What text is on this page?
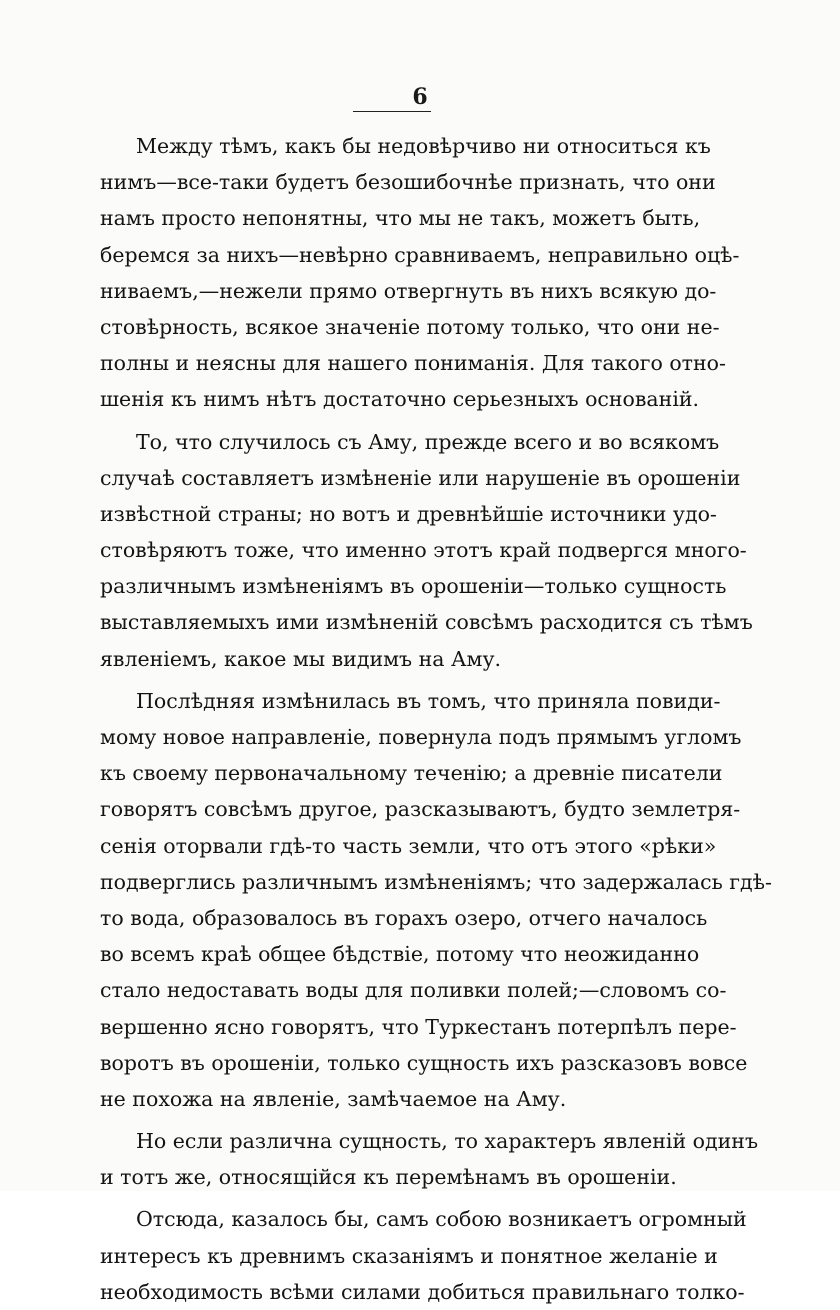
6
Между тѣмъ, какъ бы недовѣрчиво ни относиться къ
нимъ—все-таки будетъ безошибочнѣе признать, что они
намъ просто непонятны, что мы не такъ, можетъ быть,
беремся за нихъ—невѣрно сравниваемъ, неправильно оцѣ-
ниваемъ,—нежели прямо отвергнуть въ нихъ всякую до-
стовѣрность, всякое значеніе потому только, что они не-
полны и неясны для нашего пониманія. Для такого отно-
шенія къ нимъ нѣтъ достаточно серьезныхъ основаній.
То, что случилось съ Аму, прежде всего и во всякомъ
случаѣ составляетъ измѣненіе или нарушеніе въ орошеніи
извѣстной страны; но вотъ и древнѣйшіе источники удо-
стовѣряютъ тоже, что именно этотъ край подвергся много-
различнымъ измѣненіямъ въ орошеніи—только сущность
выставляемыхъ ими измѣненій совсѣмъ расходится съ тѣмъ
явленіемъ, какое мы видимъ на Аму.
Послѣдняя измѣнилась въ томъ, что приняла повиди-
мому новое направленіе, повернула подъ прямымъ угломъ
къ своему первоначальному теченію; а древніе писатели
говорятъ совсѣмъ другое, разсказываютъ, будто землетря-
сенія оторвали гдѣ-то часть земли, что отъ этого «рѣки»
подверглись различнымъ измѣненіямъ; что задержалась гдѣ-
то вода, образовалось въ горахъ озеро, отчего началось
во всемъ краѣ общее бѣдствіе, потому что неожиданно
стало недоставать воды для поливки полей;—словомъ со-
вершенно ясно говорятъ, что Туркестанъ потерпѣлъ пере-
воротъ въ орошеніи, только сущность ихъ разсказовъ вовсе
не похожа на явленіе, замѣчаемое на Аму.
Но если различна сущность, то характеръ явленій одинъ
и тотъ же, относящійся къ перемѣнамъ въ орошеніи.
Отсюда, казалось бы, самъ собою возникаетъ огромный
интересъ къ древнимъ сказаніямъ и понятное желаніе и
необходимость всѣми силами добиться правильнаго толко-
